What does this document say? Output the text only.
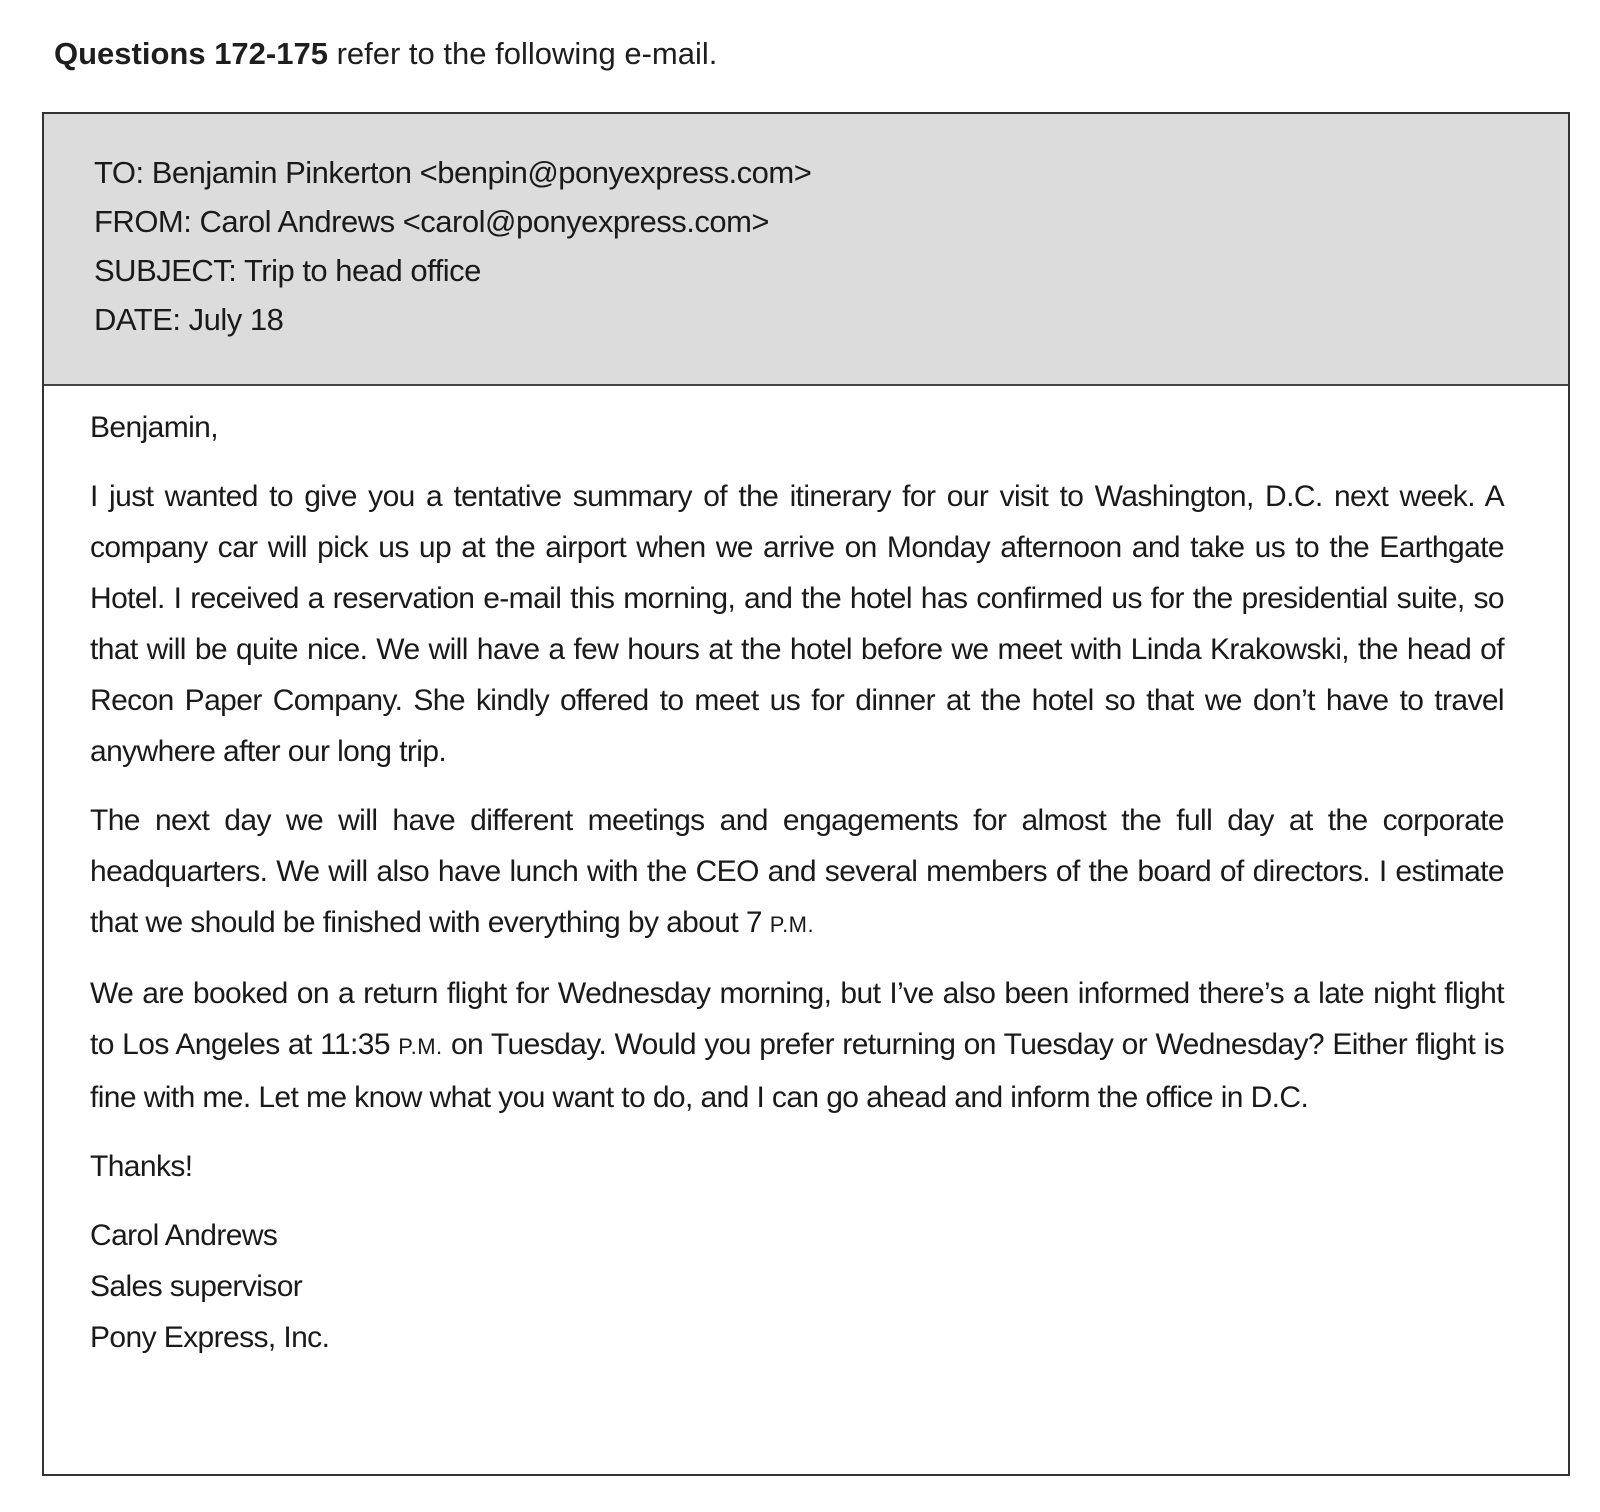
Questions 172-175 refer to the following e-mail.
TO: Benjamin Pinkerton <benpin@ponyexpress.com>
FROM: Carol Andrews <carol@ponyexpress.com>
SUBJECT: Trip to head office
DATE: July 18

Benjamin,

I just wanted to give you a tentative summary of the itinerary for our visit to Washington, D.C. next week. A company car will pick us up at the airport when we arrive on Monday afternoon and take us to the Earthgate Hotel. I received a reservation e-mail this morning, and the hotel has confirmed us for the presidential suite, so that will be quite nice. We will have a few hours at the hotel before we meet with Linda Krakowski, the head of Recon Paper Company. She kindly offered to meet us for dinner at the hotel so that we don’t have to travel anywhere after our long trip.

The next day we will have different meetings and engagements for almost the full day at the corporate headquarters. We will also have lunch with the CEO and several members of the board of directors. I estimate that we should be finished with everything by about 7 P.M.

We are booked on a return flight for Wednesday morning, but I’ve also been informed there’s a late night flight to Los Angeles at 11:35 P.M. on Tuesday. Would you prefer returning on Tuesday or Wednesday? Either flight is fine with me. Let me know what you want to do, and I can go ahead and inform the office in D.C.

Thanks!

Carol Andrews

Sales supervisor

Pony Express, Inc.
